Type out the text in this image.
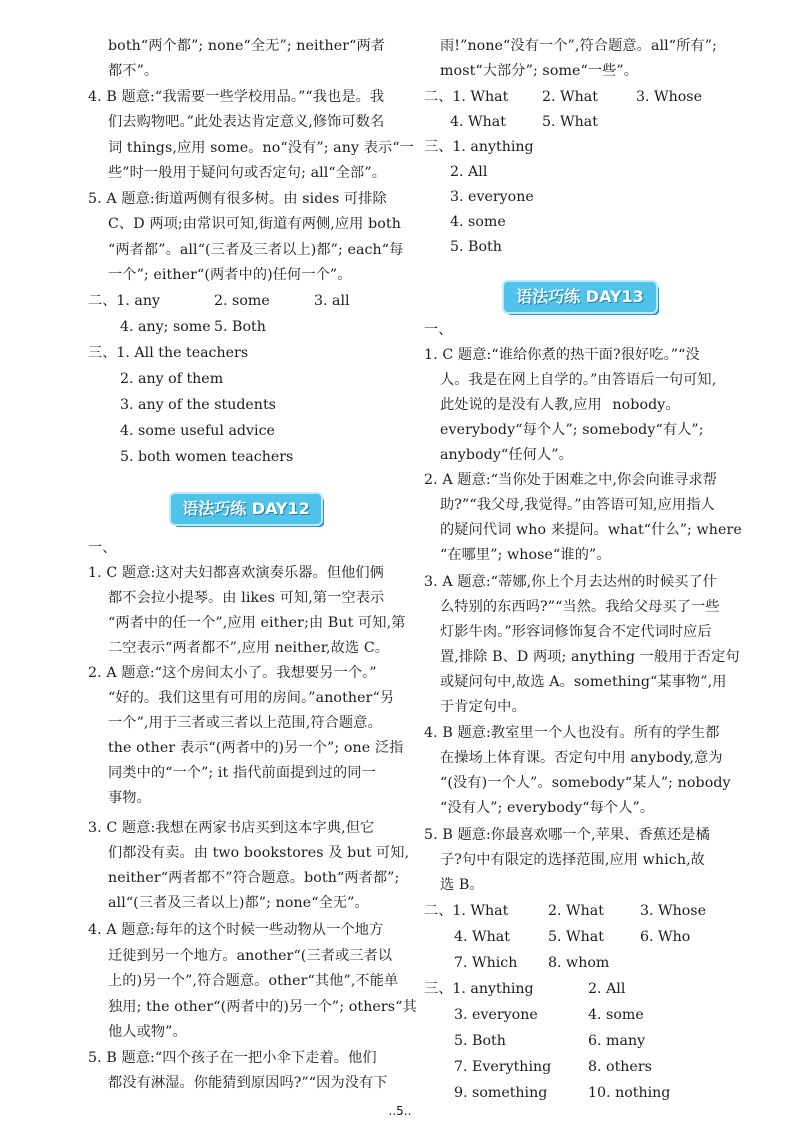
both“两个都”; none“全无”; neither“两者
都不”。
4. B 题意:“我需要一些学校用品。”“我也是。我
们去购物吧。”此处表达肯定意义,修饰可数名
词 things,应用 some。no“没有”; any 表示“一
些”时一般用于疑问句或否定句; all“全部”。
5. A 题意:街道两侧有很多树。由 sides 可排除
C、D 两项;由常识可知,街道有两侧,应用 both
“两者都”。all“(三者及三者以上)都”; each“每
一个”; either“(两者中的)任何一个”。
二、1. any	2. some	3. all
4. any; some 5. Both
三、1. All the teachers
2. any of them
3. any of the students
4. some useful advice
5. both women teachers
语法巧练 DAY12
一、
1. C 题意:这对夫妇都喜欢演奏乐器。但他们俩
都不会拉小提琴。由 likes 可知,第一空表示
“两者中的任一个”,应用 either;由 But 可知,第
二空表示“两者都不”,应用 neither,故选 C。
2. A 题意:“这个房间太小了。我想要另一个。”
“好的。我们这里有可用的房间。”another“另
一个”,用于三者或三者以上范围,符合题意。
the other 表示“(两者中的)另一个”; one 泛指
同类中的“一个”; it 指代前面提到过的同一
事物。
3. C 题意:我想在两家书店买到这本字典,但它
们都没有卖。由 two bookstores 及 but 可知,
neither“两者都不”符合题意。both“两者都”;
all“(三者及三者以上)都”; none“全无”。
4. A 题意:每年的这个时候一些动物从一个地方
迁徙到另一个地方。another“(三者或三者以
上的)另一个”,符合题意。other“其他”,不能单
独用; the other“(两者中的)另一个”; others“其
他人或物”。
5. B 题意:“四个孩子在一把小伞下走着。他们
都没有淋湿。你能猜到原因吗?”“因为没有下
雨!”none“没有一个”,符合题意。all“所有”;
most“大部分”; some“一些”。
二、1. What 2. What	3. Whose
4. What	5. What
三、1. anything
2. All
3. everyone
4. some
5. Both
语法巧练 DAY13
一、
1. C 题意:“谁给你煮的热干面?很好吃。”“没
人。我是在网上自学的。”由答语后一句可知,
此处说的是没有人教,应用 nobody。
everybody“每个人”; somebody“有人”;
anybody“任何人”。
2. A 题意:“当你处于困难之中,你会向谁寻求帮
助?”“我父母,我觉得。”由答语可知,应用指人
的疑问代词 who 来提问。what“什么”; where
“在哪里”; whose“谁的”。
3. A 题意:“蒂娜,你上个月去达州的时候买了什
么特别的东西吗?”“当然。我给父母买了一些
灯影牛肉。”形容词修饰复合不定代词时应后
置,排除 B、D 两项; anything 一般用于否定句
或疑问句中,故选 A。something“某事物”,用
于肯定句中。
4. B 题意:教室里一个人也没有。所有的学生都
在操场上体育课。否定句中用 anybody,意为
“(没有)一个人”。somebody“某人”; nobody
“没有人”; everybody“每个人”。
5. B 题意:你最喜欢哪一个,苹果、香蕉还是橘
子?句中有限定的选择范围,应用 which,故
选 B。
二、1. What	2. What	3. Whose
4. What	5. What	6. Who
7. Which 8. whom
三、1. anything	2. All
3. everyone	4. some
5. Both	6. many
7. Everything	8. others
9. something	10. nothing
..5..
